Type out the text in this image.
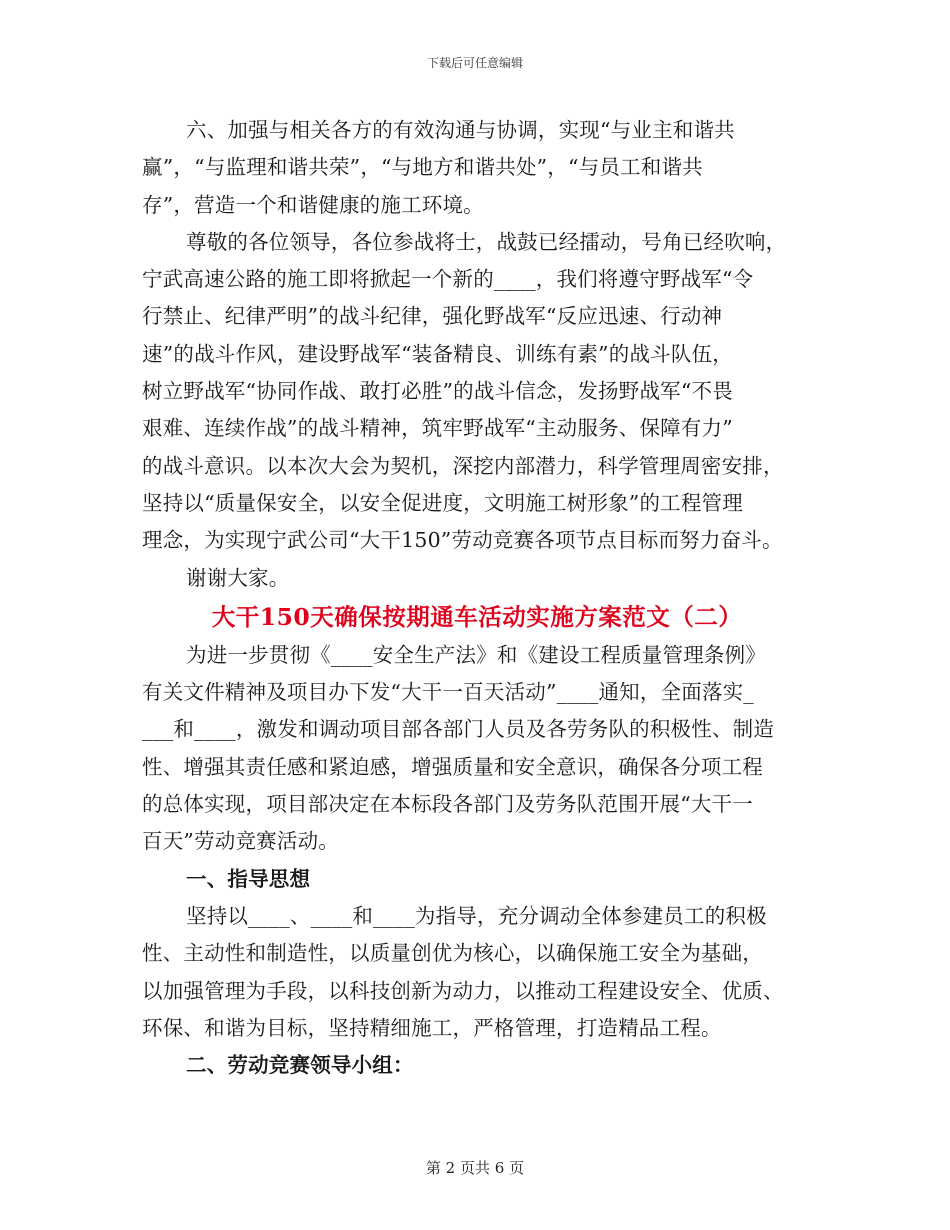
下载后可任意编辑
六、加强与相关各方的有效沟通与协调，实现“与业主和谐共
赢”，“与监理和谐共荣”，“与地方和谐共处”，“与员工和谐共
存”，营造一个和谐健康的施工环境。
尊敬的各位领导，各位参战将士，战鼓已经擂动，号角已经吹响，
宁武高速公路的施工即将掀起一个新的____，我们将遵守野战军“令
行禁止、纪律严明”的战斗纪律，强化野战军“反应迅速、行动神
速”的战斗作风，建设野战军“装备精良、训练有素”的战斗队伍，
树立野战军“协同作战、敢打必胜”的战斗信念，发扬野战军“不畏
艰难、连续作战”的战斗精神，筑牢野战军“主动服务、保障有力”
的战斗意识。以本次大会为契机，深挖内部潜力，科学管理周密安排，
坚持以“质量保安全，以安全促进度，文明施工树形象”的工程管理
理念，为实现宁武公司“大干150”劳动竞赛各项节点目标而努力奋斗。
谢谢大家。
大干150天确保按期通车活动实施方案范文（二）
为进一步贯彻《____安全生产法》和《建设工程质量管理条例》
有关文件精神及项目办下发“大干一百天活动”____通知，全面落实_
___和____，激发和调动项目部各部门人员及各劳务队的积极性、制造
性、增强其责任感和紧迫感，增强质量和安全意识，确保各分项工程
的总体实现，项目部决定在本标段各部门及劳务队范围开展“大干一
百天”劳动竞赛活动。
一、指导思想
坚持以____、____和____为指导，充分调动全体参建员工的积极
性、主动性和制造性，以质量创优为核心，以确保施工安全为基础，
以加强管理为手段，以科技创新为动力，以推动工程建设安全、优质、
环保、和谐为目标，坚持精细施工，严格管理，打造精品工程。
二、劳动竞赛领导小组：
第 2 页共 6 页
